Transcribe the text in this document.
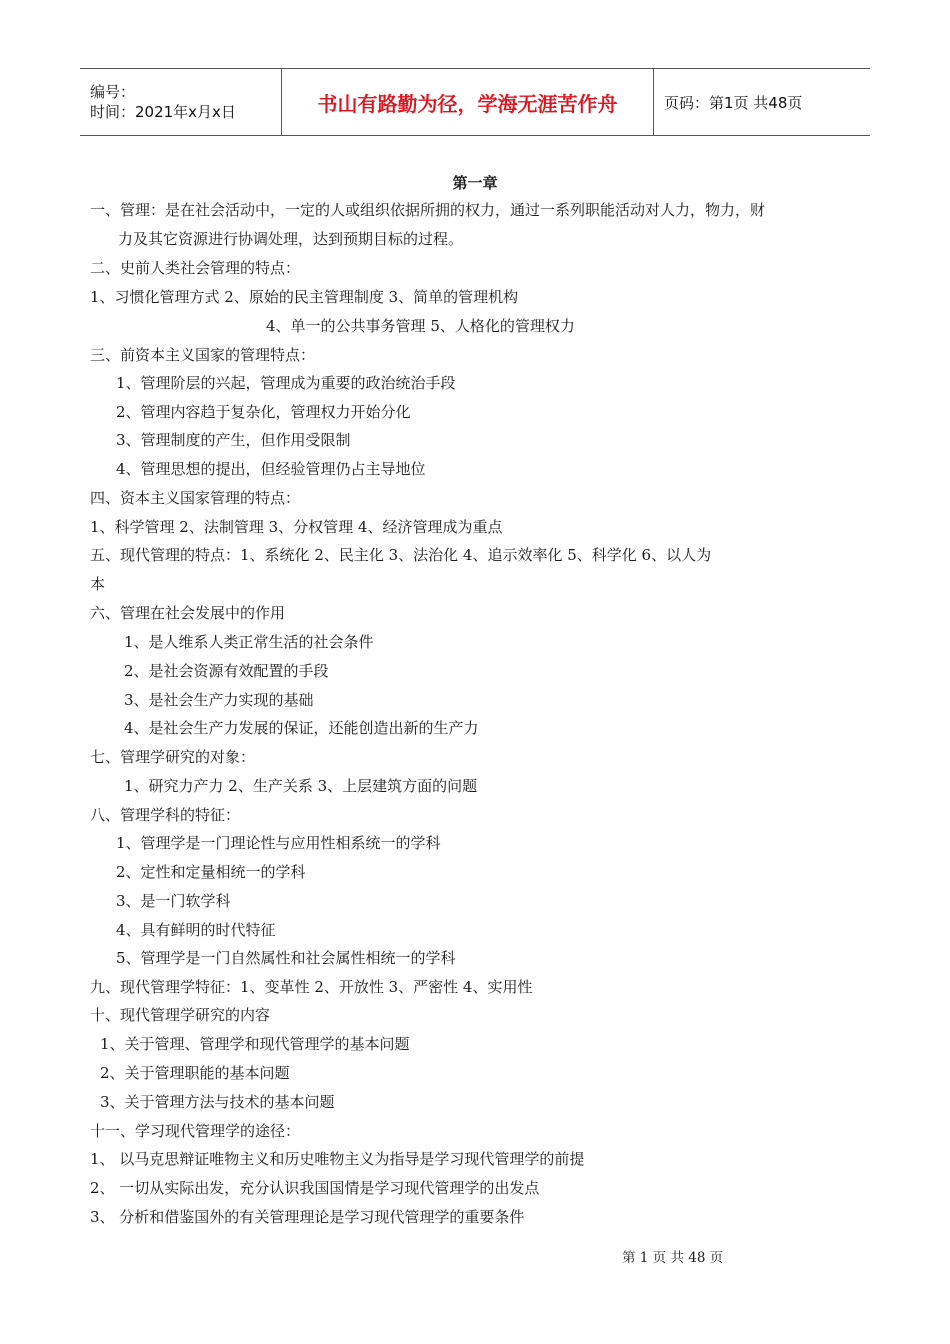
编号：
时间：2021年x月x日	书山有路勤为径，学海无涯苦作舟	页码：第1页 共48页
第一章
一、管理：是在社会活动中，一定的人或组织依据所拥的权力，通过一系列职能活动对人力，物力，财
力及其它资源进行协调处理，达到预期目标的过程。
二、史前人类社会管理的特点：
1、习惯化管理方式 2、原始的民主管理制度 3、简单的管理机构
4、单一的公共事务管理 5、人格化的管理权力
三、前资本主义国家的管理特点：
1、管理阶层的兴起，管理成为重要的政治统治手段
2、管理内容趋于复杂化，管理权力开始分化
3、管理制度的产生，但作用受限制
4、管理思想的提出，但经验管理仍占主导地位
四、资本主义国家管理的特点：
1、科学管理 2、法制管理 3、分权管理 4、经济管理成为重点
五、现代管理的特点：1、系统化 2、民主化 3、法治化 4、追示效率化 5、科学化 6、以人为
本
六、管理在社会发展中的作用
1、是人维系人类正常生活的社会条件
2、是社会资源有效配置的手段
3、是社会生产力实现的基础
4、是社会生产力发展的保证，还能创造出新的生产力
七、管理学研究的对象：
1、研究力产力 2、生产关系 3、上层建筑方面的问题
八、管理学科的特征：
1、管理学是一门理论性与应用性相系统一的学科
2、定性和定量相统一的学科
3、是一门软学科
4、具有鲜明的时代特征
5、管理学是一门自然属性和社会属性相统一的学科
九、现代管理学特征：1、变革性 2、开放性 3、严密性 4、实用性
十、现代管理学研究的内容
1、关于管理、管理学和现代管理学的基本问题
2、关于管理职能的基本问题
3、关于管理方法与技术的基本问题
十一、学习现代管理学的途径：
1、 以马克思辩证唯物主义和历史唯物主义为指导是学习现代管理学的前提
2、 一切从实际出发，充分认识我国国情是学习现代管理学的出发点
3、 分析和借鉴国外的有关管理理论是学习现代管理学的重要条件
第 1 页 共 48 页
